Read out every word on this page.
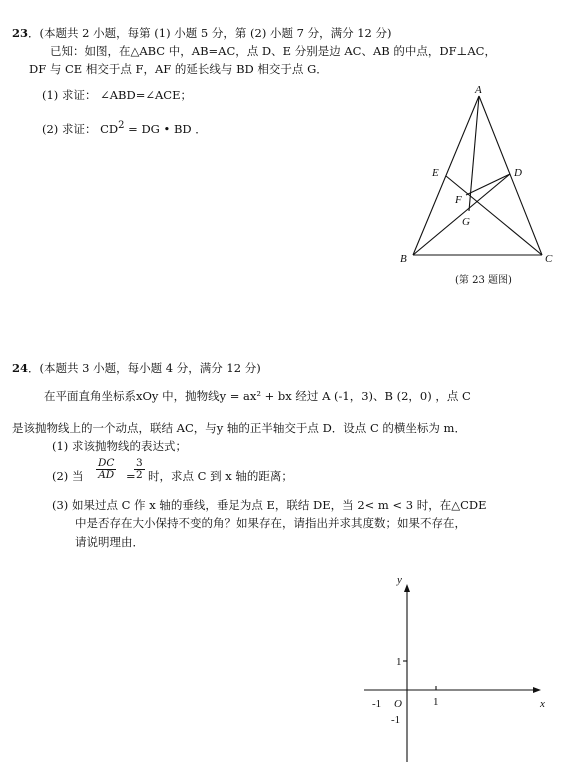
23．(本题共 2 小题，每第 (1) 小题 5 分，第 (2) 小题 7 分，满分 12 分)
已知：如图，在△ABC 中，AB=AC，点 D、E 分别是边 AC、AB 的中点，DF⊥AC，
DF 与 CE 相交于点 F，AF 的延长线与 BD 相交于点 G．
(1) 求证： ∠ABD=∠ACE；
(2) 求证： $CD^2$ = DG • BD ．
A
B	C
D
E
F
G
(第 23 题图)
24．(本题共 3 小题，每小题 4 分，满分 12 分)
在平面直角坐标系xOy 中，抛物线y = ax² + bx 经过 A (-1，3)、B (2，0) ，点 C
是该抛物线上的一个动点，联结 AC，与y 轴的正半轴交于点 D．设点 C 的横坐标为 m．
(1) 求该抛物线的表达式；
(2) 当 $\frac{DC}{AD}$ =
$\frac{3}{2}$ 时，求点 C 到 x 轴的距离；
(3) 如果过点 C 作 x 轴的垂线，垂足为点 E，联结 DE，当 2< m < 3 时，在△CDE
中是否存在大小保持不变的角？如果存在，请指出并求其度数；如果不存在，
请说明理由．
x
y
O
-1	1
1
-1
